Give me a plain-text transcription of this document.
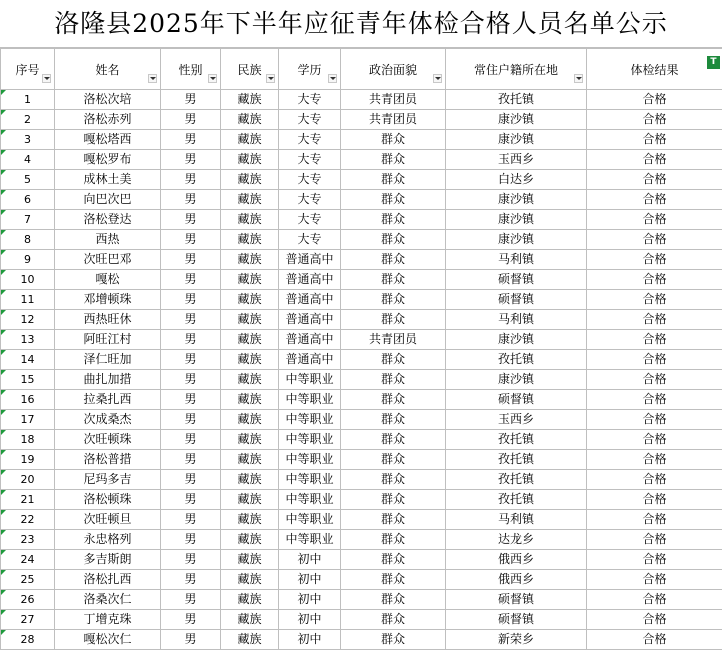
洛隆县2025年下半年应征青年体检合格人员名单公示
序号	姓名	性别	民族	学历	政治面貌	常住户籍所在地	体检结果
T

1	洛松次培	男	藏族	大专	共青团员	孜托镇	合格
2	洛松赤列	男	藏族	大专	共青团员	康沙镇	合格
3	嘎松塔西	男	藏族	大专	群众	康沙镇	合格
4	嘎松罗布	男	藏族	大专	群众	玉西乡	合格
5	成林土美	男	藏族	大专	群众	白达乡	合格
6	向巴次巴	男	藏族	大专	群众	康沙镇	合格
7	洛松登达	男	藏族	大专	群众	康沙镇	合格
8	西热	男	藏族	大专	群众	康沙镇	合格
9	次旺巴邓	男	藏族	普通高中	群众	马利镇	合格
10	嘎松	男	藏族	普通高中	群众	硕督镇	合格
11	邓增顿珠	男	藏族	普通高中	群众	硕督镇	合格
12	西热旺休	男	藏族	普通高中	群众	马利镇	合格
13	阿旺江村	男	藏族	普通高中	共青团员	康沙镇	合格
14	泽仁旺加	男	藏族	普通高中	群众	孜托镇	合格
15	曲扎加措	男	藏族	中等职业	群众	康沙镇	合格
16	拉桑扎西	男	藏族	中等职业	群众	硕督镇	合格
17	次成桑杰	男	藏族	中等职业	群众	玉西乡	合格
18	次旺顿珠	男	藏族	中等职业	群众	孜托镇	合格
19	洛松普措	男	藏族	中等职业	群众	孜托镇	合格
20	尼玛多吉	男	藏族	中等职业	群众	孜托镇	合格
21	洛松顿珠	男	藏族	中等职业	群众	孜托镇	合格
22	次旺顿旦	男	藏族	中等职业	群众	马利镇	合格
23	永忠格列	男	藏族	中等职业	群众	达龙乡	合格
24	多吉斯朗	男	藏族	初中	群众	俄西乡	合格
25	洛松扎西	男	藏族	初中	群众	俄西乡	合格
26	洛桑次仁	男	藏族	初中	群众	硕督镇	合格
27	丁增克珠	男	藏族	初中	群众	硕督镇	合格
28	嘎松次仁	男	藏族	初中	群众	新荣乡	合格
